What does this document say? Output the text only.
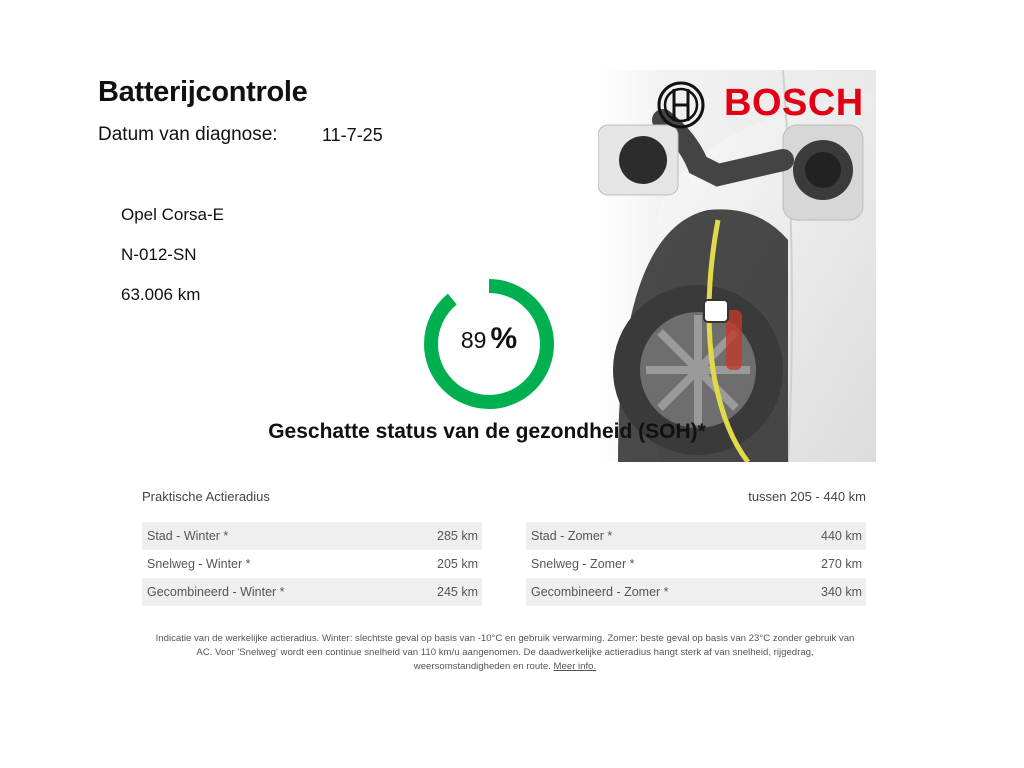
Batterijcontrole
Datum van diagnose: 11-7-25
Opel Corsa-E
N-012-SN
63.006 km
89 %
BOSCH
Geschatte status van de gezondheid (SOH)*
Praktische Actieradius	tussen 205 - 440 km
Stad - Winter *	285 km
Snelweg - Winter *	205 km
Gecombineerd - Winter *	245 km
Stad - Zomer *	440 km
Snelweg - Zomer *	270 km
Gecombineerd - Zomer *	340 km
Indicatie van de werkelijke actieradius. Winter: slechtste geval op basis van -10°C en gebruik verwarming. Zomer: beste geval op basis van 23°C zonder gebruik van AC. Voor 'Snelweg' wordt een continue snelheid van 110 km/u aangenomen. De daadwerkelijke actieradius hangt sterk af van snelheid, rijgedrag, weersomstandigheden en route. Meer info.
